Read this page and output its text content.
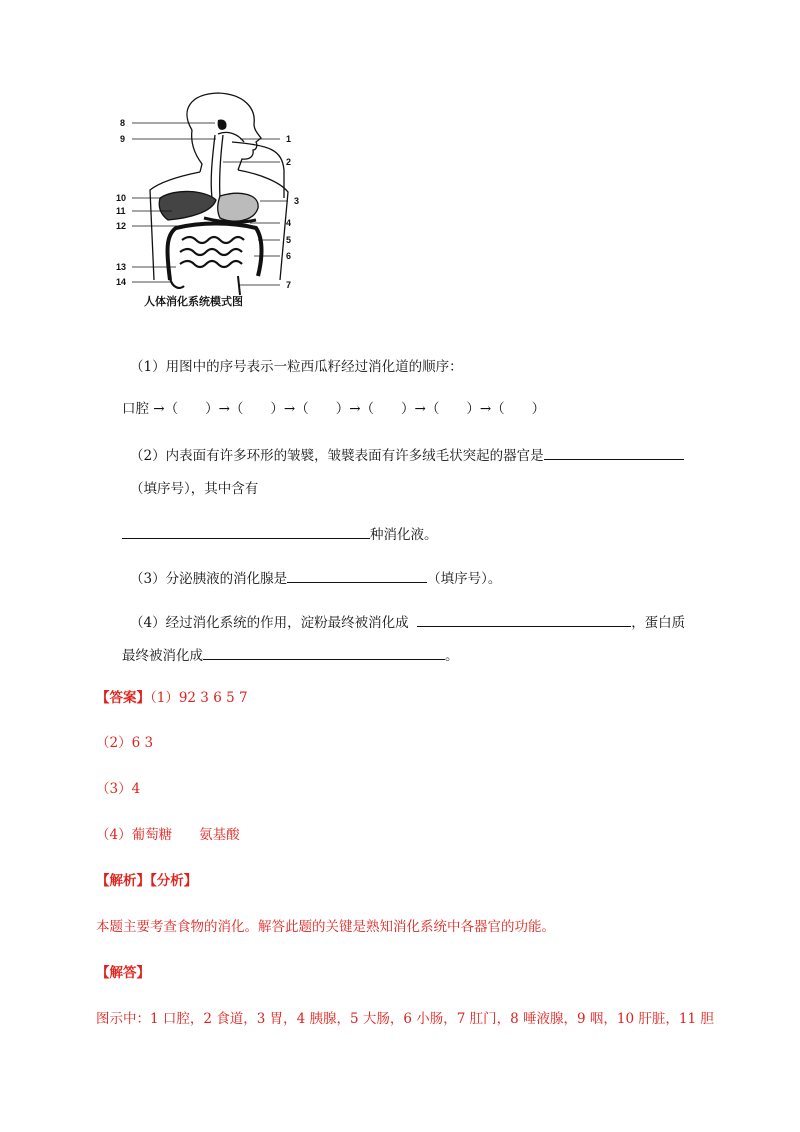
8
9	1
2
10
11
3
12	4
5
6
13
14	7
人体消化系统模式图
（1）用图中的序号表示一粒西瓜籽经过消化道的顺序：
口腔 →（　　）→（　　）→（　　）→（　　）→（　　）→（　　）
（2）内表面有许多环形的皱襞，皱襞表面有许多绒毛状突起的器官是
（填序号），其中含有
种消化液。
（3）分泌胰液的消化腺是	（填序号）。
（4）经过消化系统的作用，淀粉最终被消化成	，蛋白质
最终被消化成	。
【答案】（1）92 3 6 5 7
（2）6 3
（3）4
（4）葡萄糖　　氨基酸
【解析】【分析】
本题主要考查食物的消化。解答此题的关键是熟知消化系统中各器官的功能。
【解答】
图示中：1 口腔，2 食道，3 胃，4 胰腺，5 大肠，6 小肠，7 肛门，8 唾液腺，9 咽，10 肝脏，11 胆
